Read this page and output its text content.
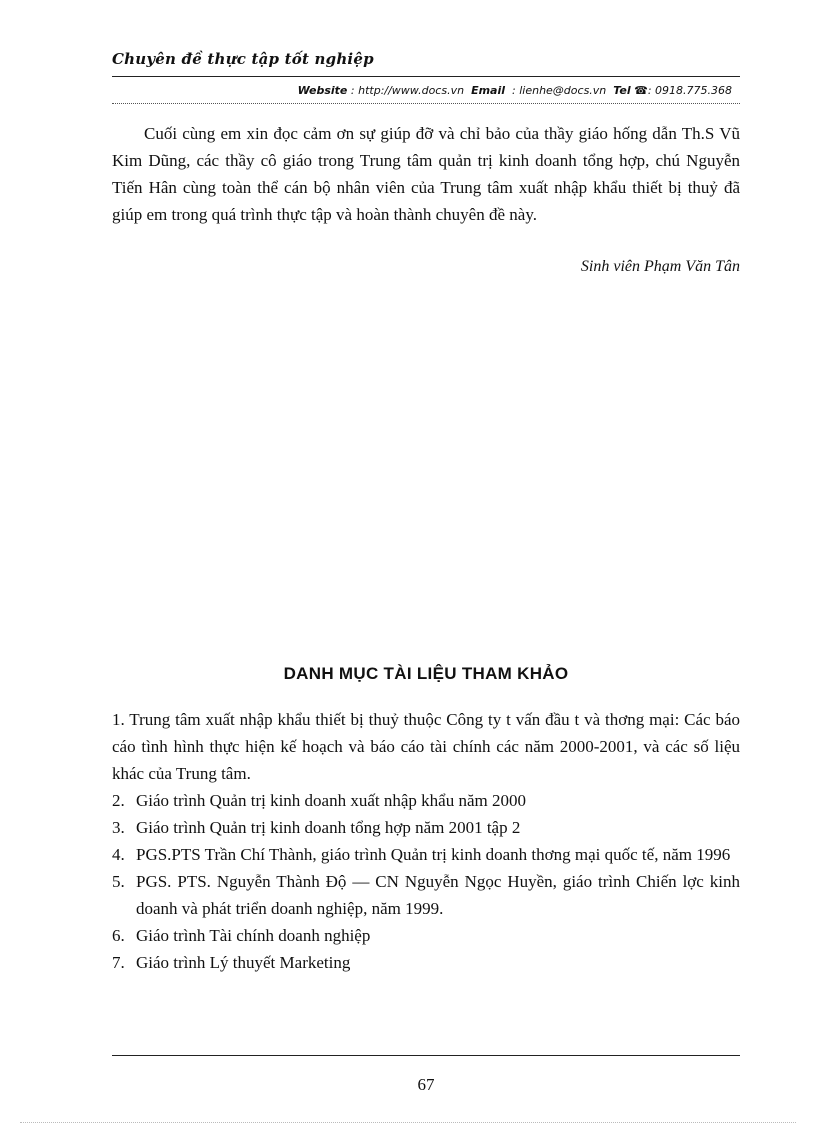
Chuyên đề thực tập tốt nghiệp
Website : http://www.docs.vn Email : lienhe@docs.vn Tel ☎: 0918.775.368

Cuối cùng em xin đọc cảm ơn sự giúp đỡ và chỉ bảo của thầy giáo hống dẫn Th.S Vũ Kim Dũng, các thầy cô giáo trong Trung tâm quản trị kinh doanh tổng hợp, chú Nguyễn Tiến Hân cùng toàn thể cán bộ nhân viên của Trung tâm xuất nhập khẩu thiết bị thuỷ đã giúp em trong quá trình thực tập và hoàn thành chuyên đề này.

Sinh viên Phạm Văn Tân
DANH MỤC TÀI LIỆU THAM KHẢO

1. Trung tâm xuất nhập khẩu thiết bị thuỷ thuộc Công ty t vấn đầu t và thơng mại: Các báo cáo tình hình thực hiện kế hoạch và báo cáo tài chính các năm 2000-2001, và các số liệu khác của Trung tâm.

2. Giáo trình Quản trị kinh doanh xuất nhập khẩu năm 2000
3. Giáo trình Quản trị kinh doanh tổng hợp năm 2001 tập 2
4. PGS.PTS Trần Chí Thành, giáo trình Quản trị kinh doanh thơng mại quốc tế, năm 1996
5. PGS. PTS. Nguyễn Thành Độ — CN Nguyễn Ngọc Huyền, giáo trình Chiến lợc kinh doanh và phát triển doanh nghiệp, năm 1999.
6. Giáo trình Tài chính doanh nghiệp
7. Giáo trình Lý thuyết Marketing
67
